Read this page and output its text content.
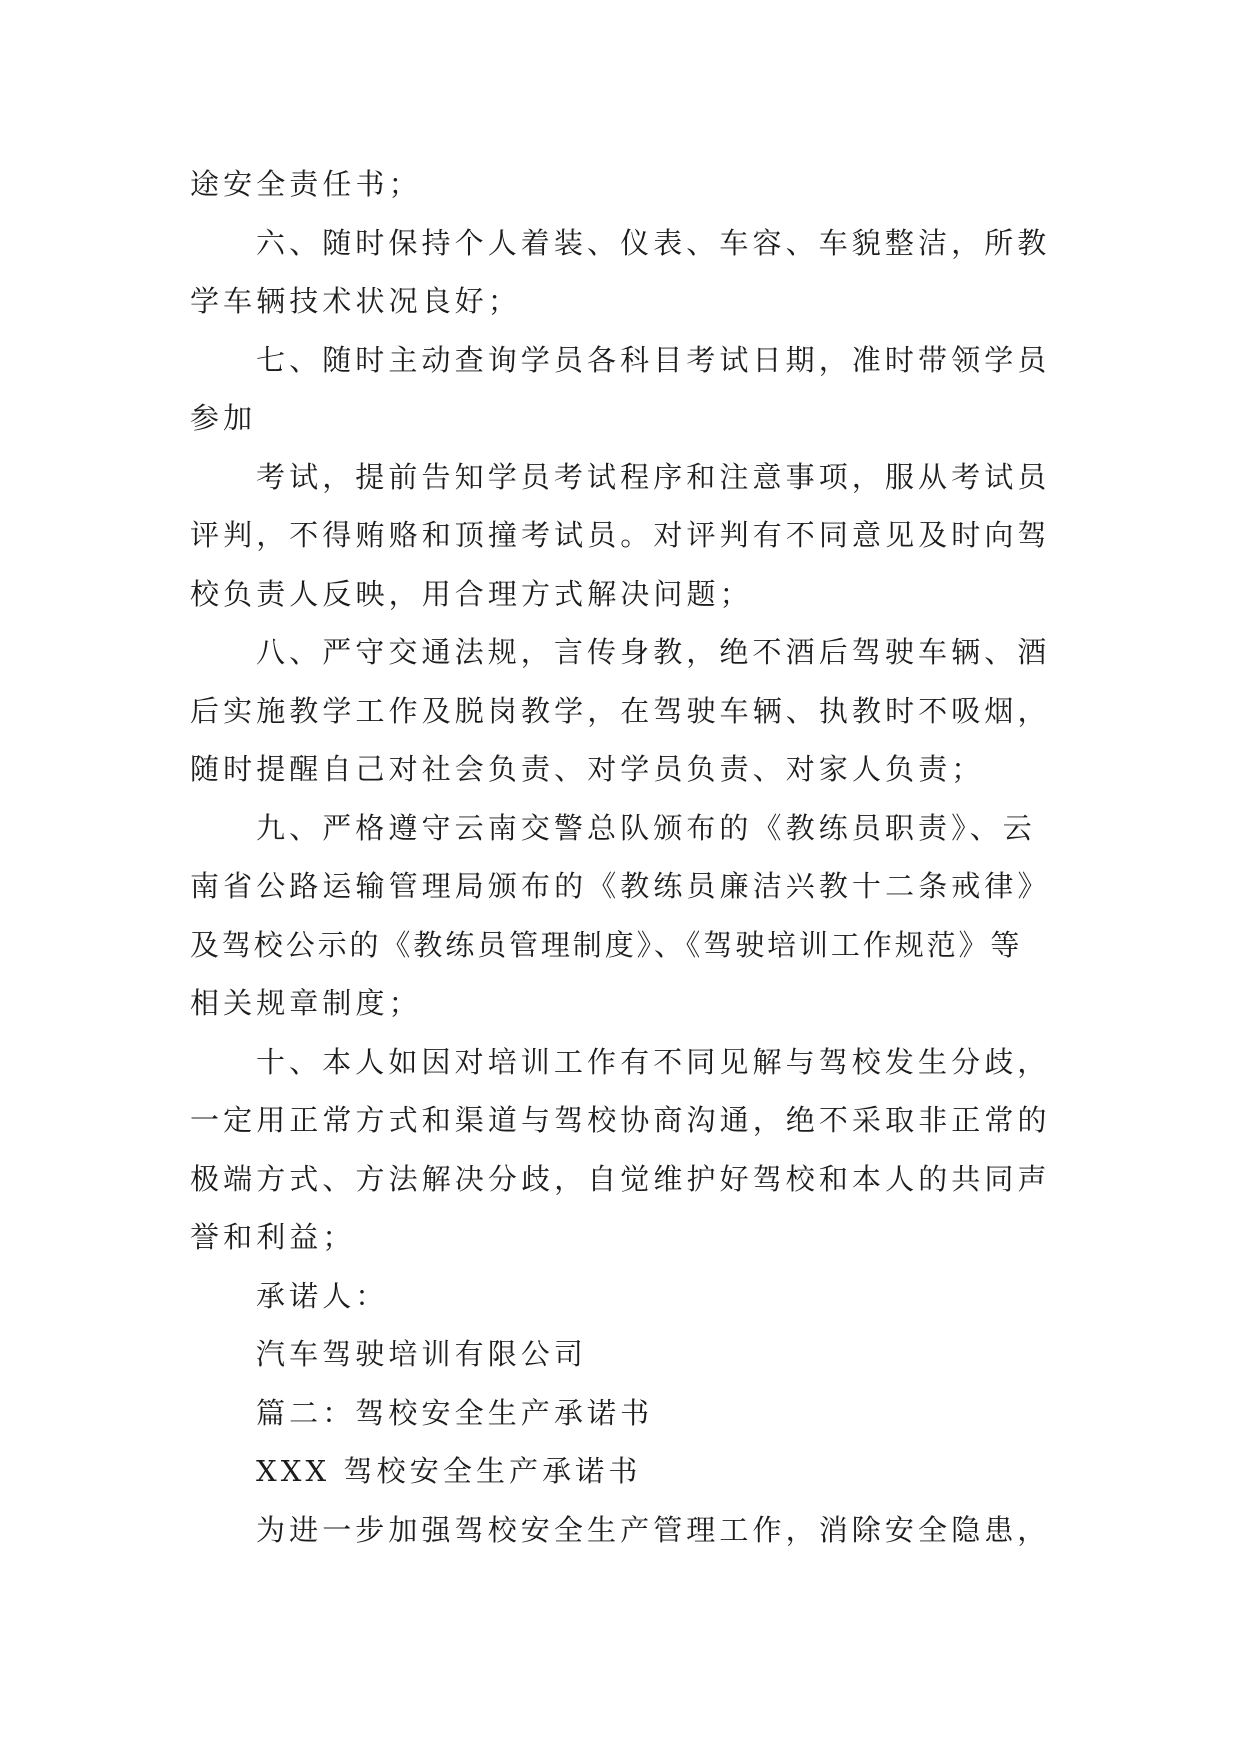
途安全责任书；
六、随时保持个人着装、仪表、车容、车貌整洁，所教
学车辆技术状况良好；
七、随时主动查询学员各科目考试日期，准时带领学员
参加
考试，提前告知学员考试程序和注意事项，服从考试员
评判，不得贿赂和顶撞考试员。对评判有不同意见及时向驾
校负责人反映，用合理方式解决问题；
八、严守交通法规，言传身教，绝不酒后驾驶车辆、酒
后实施教学工作及脱岗教学，在驾驶车辆、执教时不吸烟，
随时提醒自己对社会负责、对学员负责、对家人负责；
九、严格遵守云南交警总队颁布的《教练员职责》、云
南省公路运输管理局颁布的《教练员廉洁兴教十二条戒律》
及驾校公示的《教练员管理制度》、《驾驶培训工作规范》等
相关规章制度；
十、本人如因对培训工作有不同见解与驾校发生分歧，
一定用正常方式和渠道与驾校协商沟通，绝不采取非正常的
极端方式、方法解决分歧，自觉维护好驾校和本人的共同声
誉和利益；
承诺人：
汽车驾驶培训有限公司
篇二：驾校安全生产承诺书
XXX 驾校安全生产承诺书
为进一步加强驾校安全生产管理工作，消除安全隐患，
